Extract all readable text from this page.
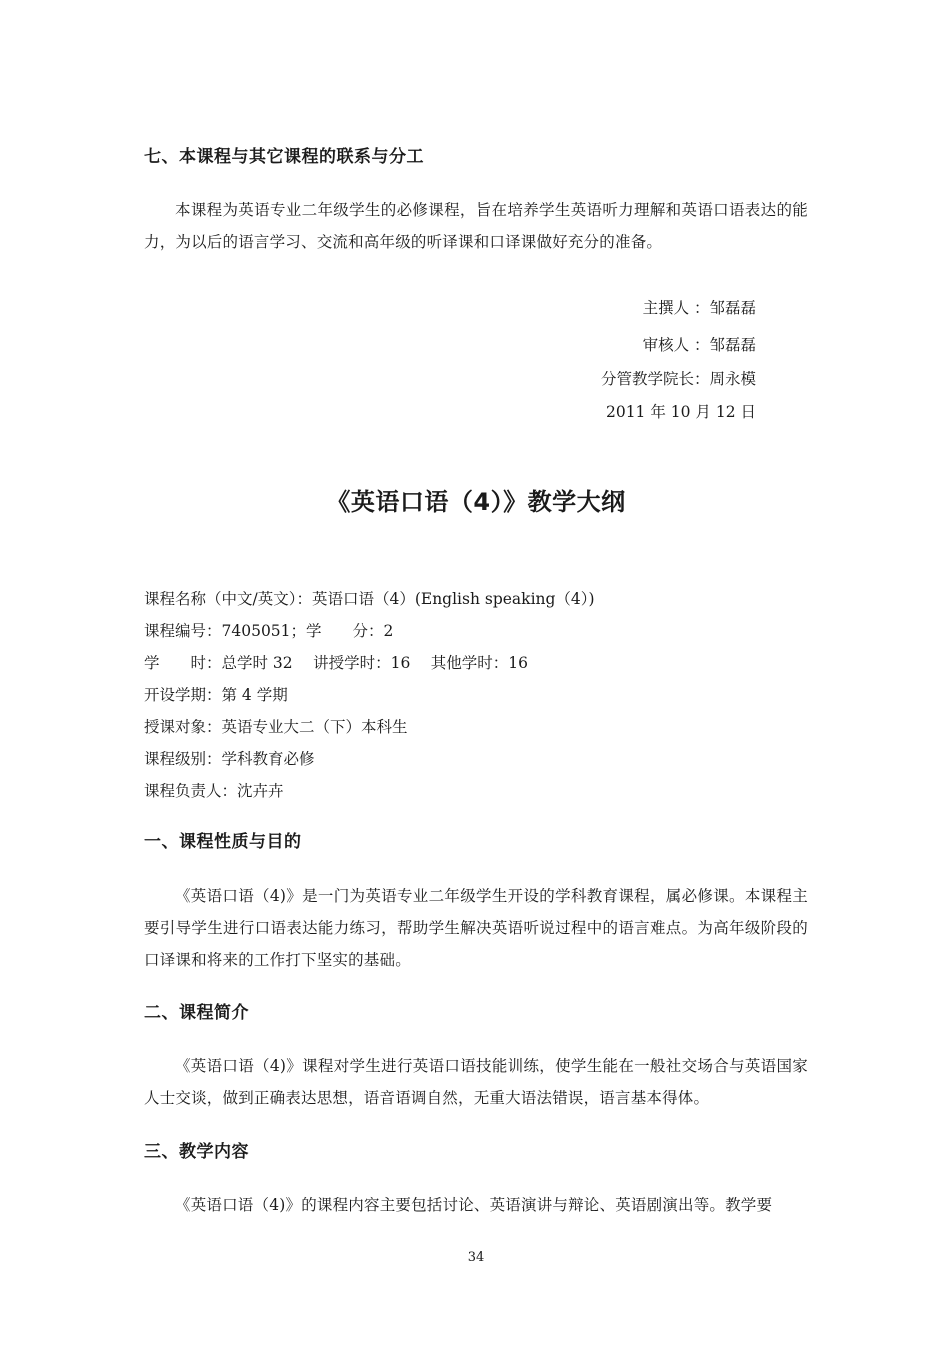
七、本课程与其它课程的联系与分工
本课程为英语专业二年级学生的必修课程，旨在培养学生英语听力理解和英语口语表达的能力，为以后的语言学习、交流和高年级的听译课和口译课做好充分的准备。
主撰人 ：邹磊磊
审核人 ：邹磊磊
分管教学院长：周永模
2011 年 10 月 12 日
《英语口语（4）》教学大纲
课程名称（中文/英文）：英语口语（4）(English speaking（4）)
课程编号：7405051；学　　分：2
学　　时：总学时 32　 讲授学时：16　 其他学时：16
开设学期：第 4 学期
授课对象：英语专业大二（下）本科生
课程级别：学科教育必修
课程负责人：沈卉卉
一、课程性质与目的
《英语口语（4)》是一门为英语专业二年级学生开设的学科教育课程，属必修课。本课程主要引导学生进行口语表达能力练习，帮助学生解决英语听说过程中的语言难点。为高年级阶段的口译课和将来的工作打下坚实的基础。
二、课程简介
《英语口语（4)》课程对学生进行英语口语技能训练，使学生能在一般社交场合与英语国家人士交谈，做到正确表达思想，语音语调自然，无重大语法错误，语言基本得体。
三、教学内容
《英语口语（4)》的课程内容主要包括讨论、英语演讲与辩论、英语剧演出等。教学要
34
